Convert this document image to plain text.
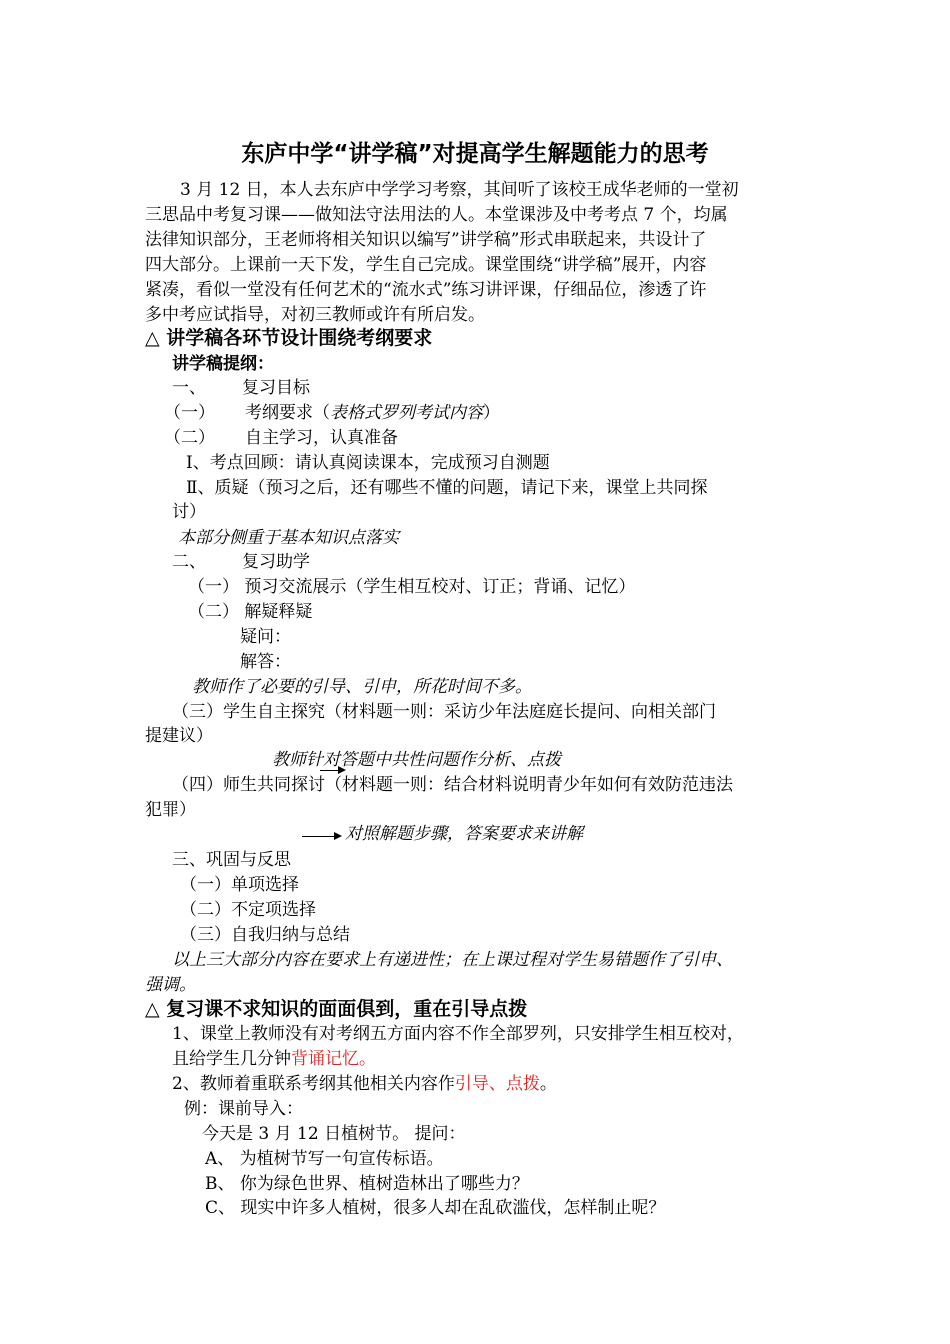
东庐中学“讲学稿”对提高学生解题能力的思考
3 月 12 日，本人去东庐中学学习考察，其间听了该校王成华老师的一堂初
三思品中考复习课——做知法守法用法的人。本堂课涉及中考考点 7 个，均属
法律知识部分，王老师将相关知识以编写”讲学稿”形式串联起来，共设计了
四大部分。上课前一天下发，学生自己完成。课堂围绕“讲学稿”展开，内容
紧凑，看似一堂没有任何艺术的“流水式”练习讲评课，仔细品位，渗透了许
多中考应试指导，对初三教师或许有所启发。
△ 讲学稿各环节设计围绕考纲要求
讲学稿提纲：
一、 复习目标
（一） 考纲要求（表格式罗列考试内容）
（二） 自主学习，认真准备
Ⅰ、考点回顾：请认真阅读课本，完成预习自测题
Ⅱ、质疑（预习之后，还有哪些不懂的问题，请记下来，课堂上共同探
讨）
本部分侧重于基本知识点落实
二、 复习助学
（一） 预习交流展示（学生相互校对、订正；背诵、记忆）
（二） 解疑释疑
疑问：
解答：
教师作了必要的引导、引申，所花时间不多。
（三）学生自主探究（材料题一则：采访少年法庭庭长提问、向相关部门
提建议）
教师针对答题中共性问题作分析、点拨
（四）师生共同探讨（材料题一则：结合材料说明青少年如何有效防范违法
犯罪）
对照解题步骤，答案要求来讲解
三、巩固与反思
（一）单项选择
（二）不定项选择
（三）自我归纳与总结
以上三大部分内容在要求上有递进性；在上课过程对学生易错题作了引申、
强调。
△ 复习课不求知识的面面俱到，重在引导点拨
1、课堂上教师没有对考纲五方面内容不作全部罗列，只安排学生相互校对，
且给学生几分钟背诵记忆。
2、教师着重联系考纲其他相关内容作引导、点拨。
例：课前导入：
今天是 3 月 12 日植树节。 提问：
A、 为植树节写一句宣传标语。
B、 你为绿色世界、植树造林出了哪些力？
C、 现实中许多人植树，很多人却在乱砍滥伐，怎样制止呢？
